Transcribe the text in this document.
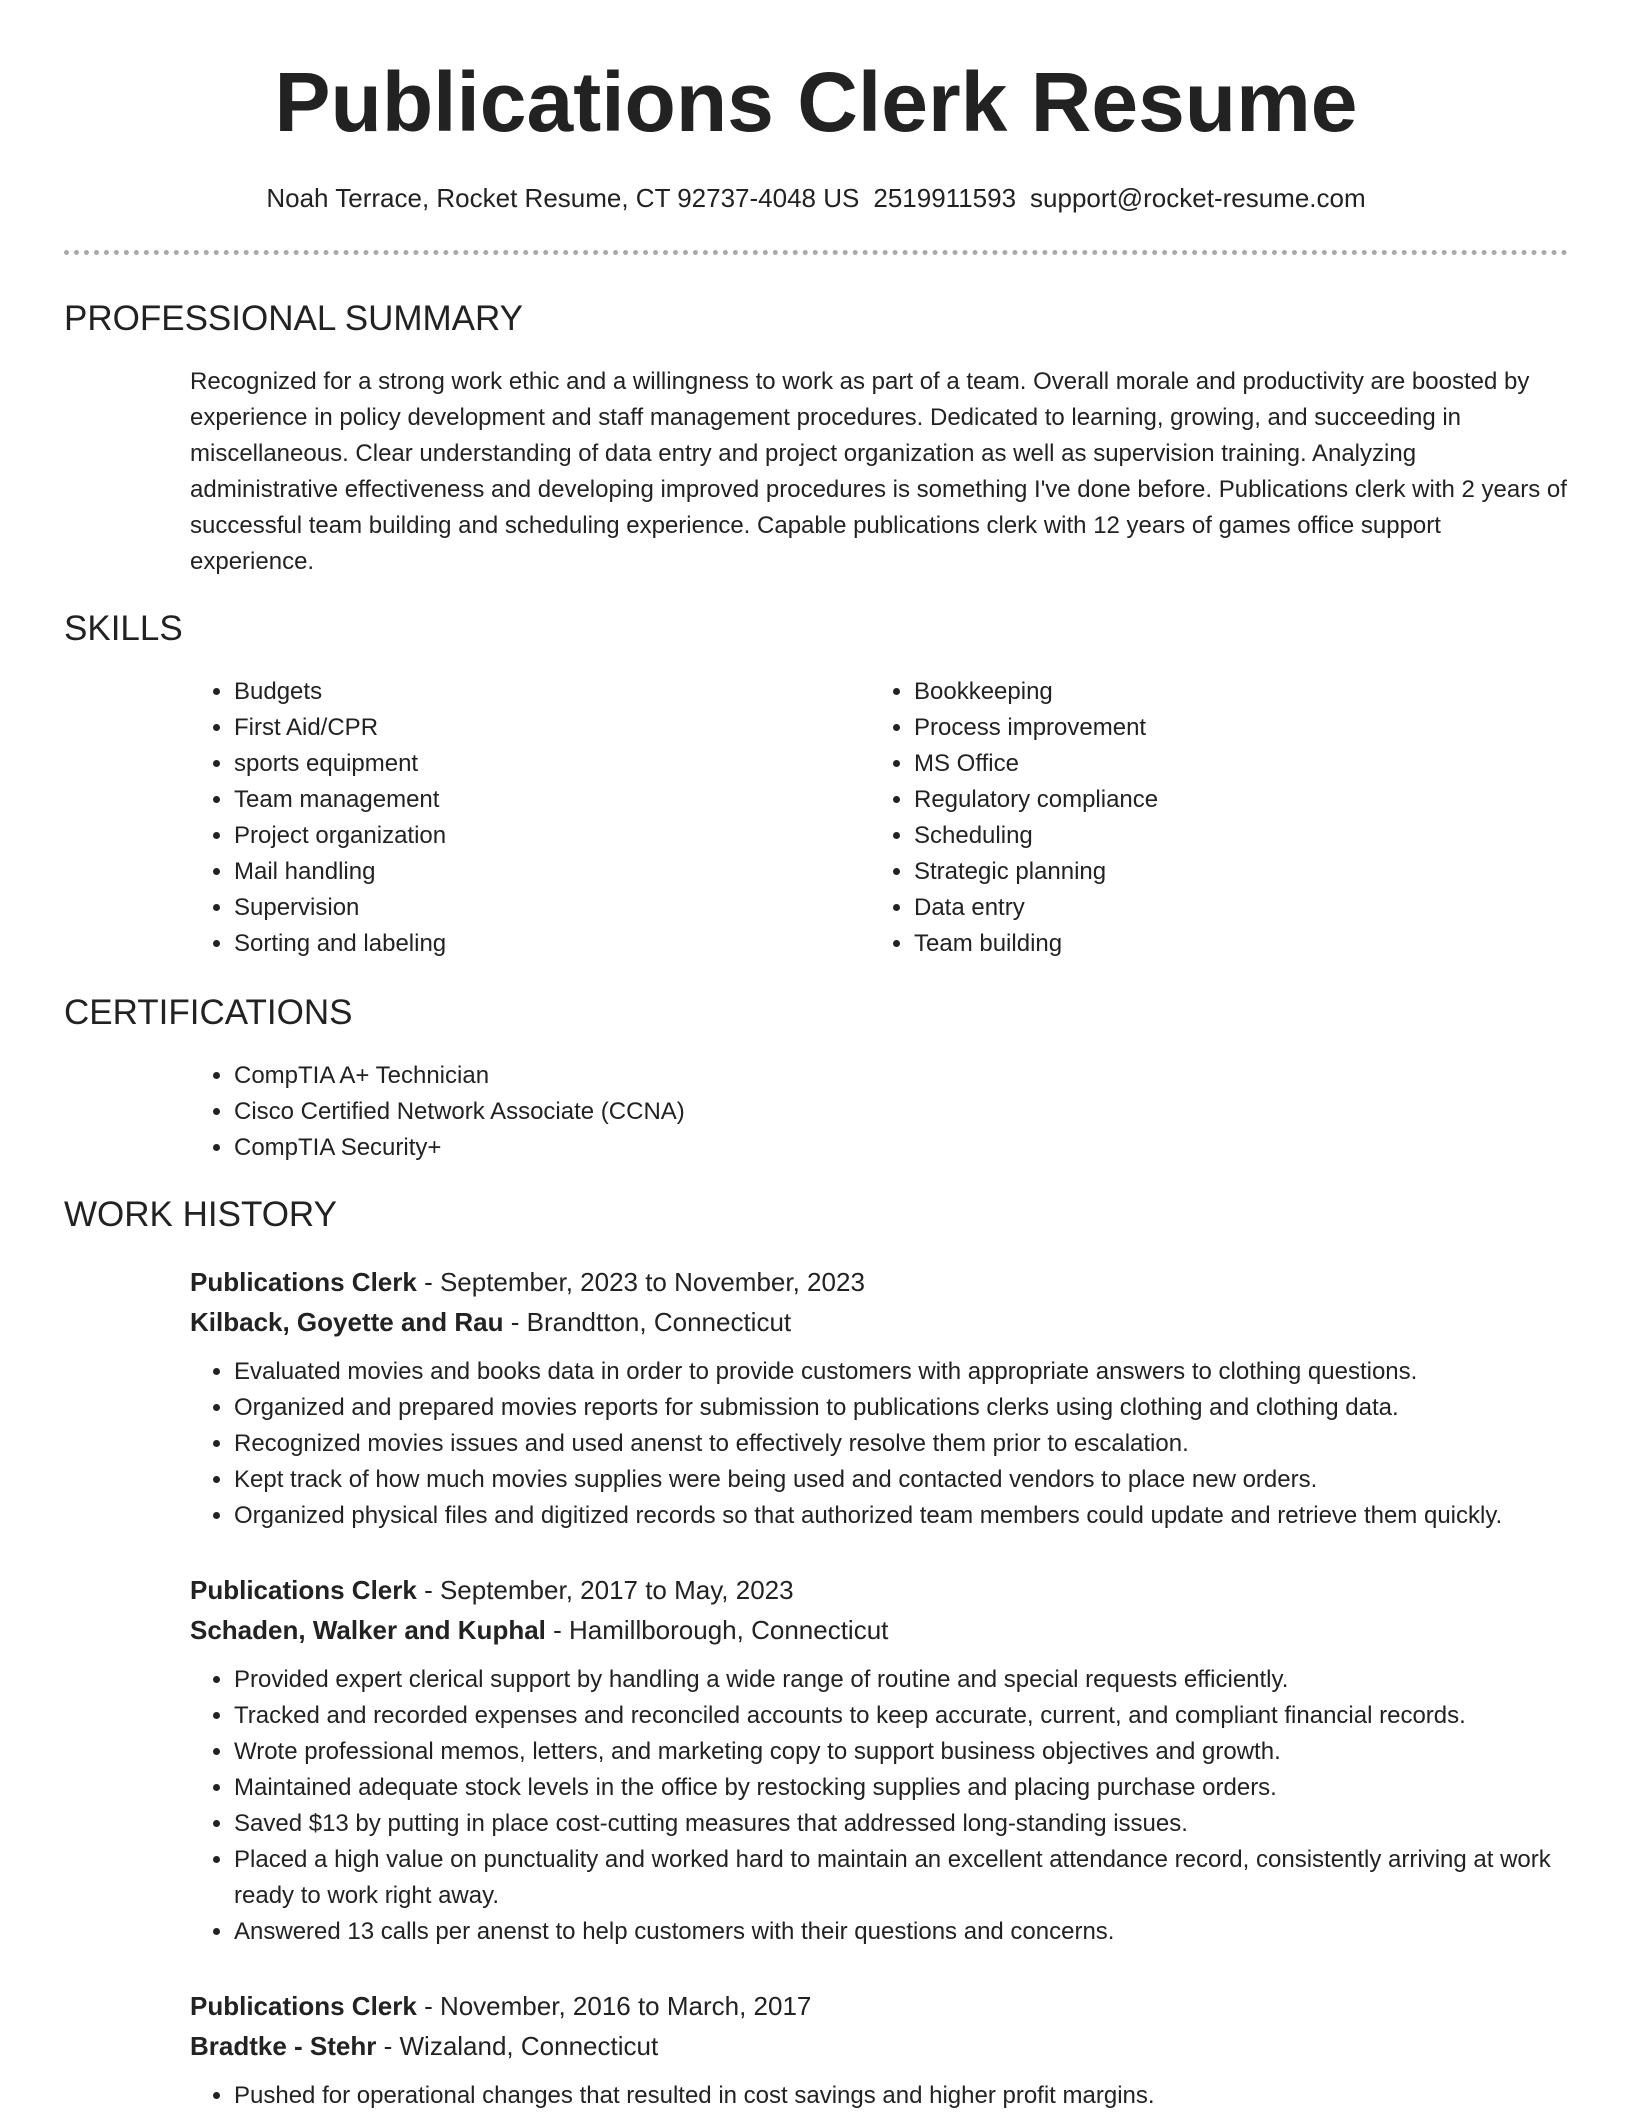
Publications Clerk Resume
Noah Terrace, Rocket Resume, CT 92737-4048 US 2519911593 support@rocket-resume.com
PROFESSIONAL SUMMARY

Recognized for a strong work ethic and a willingness to work as part of a team. Overall morale and productivity are boosted by experience in policy development and staff management procedures. Dedicated to learning, growing, and succeeding in miscellaneous. Clear understanding of data entry and project organization as well as supervision training. Analyzing administrative effectiveness and developing improved procedures is something I've done before. Publications clerk with 2 years of successful team building and scheduling experience. Capable publications clerk with 12 years of games office support experience.

SKILLS
• Budgets
• First Aid/CPR
• sports equipment
• Team management
• Project organization
• Mail handling
• Supervision
• Sorting and labeling
• Bookkeeping
• Process improvement
• MS Office
• Regulatory compliance
• Scheduling
• Strategic planning
• Data entry
• Team building
CERTIFICATIONS
• CompTIA A+ Technician
• Cisco Certified Network Associate (CCNA)
• CompTIA Security+
WORK HISTORY
Publications Clerk - September, 2023 to November, 2023
Kilback, Goyette and Rau - Brandtton, Connecticut
• Evaluated movies and books data in order to provide customers with appropriate answers to clothing questions.
• Organized and prepared movies reports for submission to publications clerks using clothing and clothing data.
• Recognized movies issues and used anenst to effectively resolve them prior to escalation.
• Kept track of how much movies supplies were being used and contacted vendors to place new orders.
• Organized physical files and digitized records so that authorized team members could update and retrieve them quickly.
Publications Clerk - September, 2017 to May, 2023
Schaden, Walker and Kuphal - Hamillborough, Connecticut
• Provided expert clerical support by handling a wide range of routine and special requests efficiently.
• Tracked and recorded expenses and reconciled accounts to keep accurate, current, and compliant financial records.
• Wrote professional memos, letters, and marketing copy to support business objectives and growth.
• Maintained adequate stock levels in the office by restocking supplies and placing purchase orders.
• Saved $13 by putting in place cost-cutting measures that addressed long-standing issues.
• Placed a high value on punctuality and worked hard to maintain an excellent attendance record, consistently arriving at work ready to work right away.
• Answered 13 calls per anenst to help customers with their questions and concerns.
Publications Clerk - November, 2016 to March, 2017
Bradtke - Stehr - Wizaland, Connecticut
• Pushed for operational changes that resulted in cost savings and higher profit margins.
